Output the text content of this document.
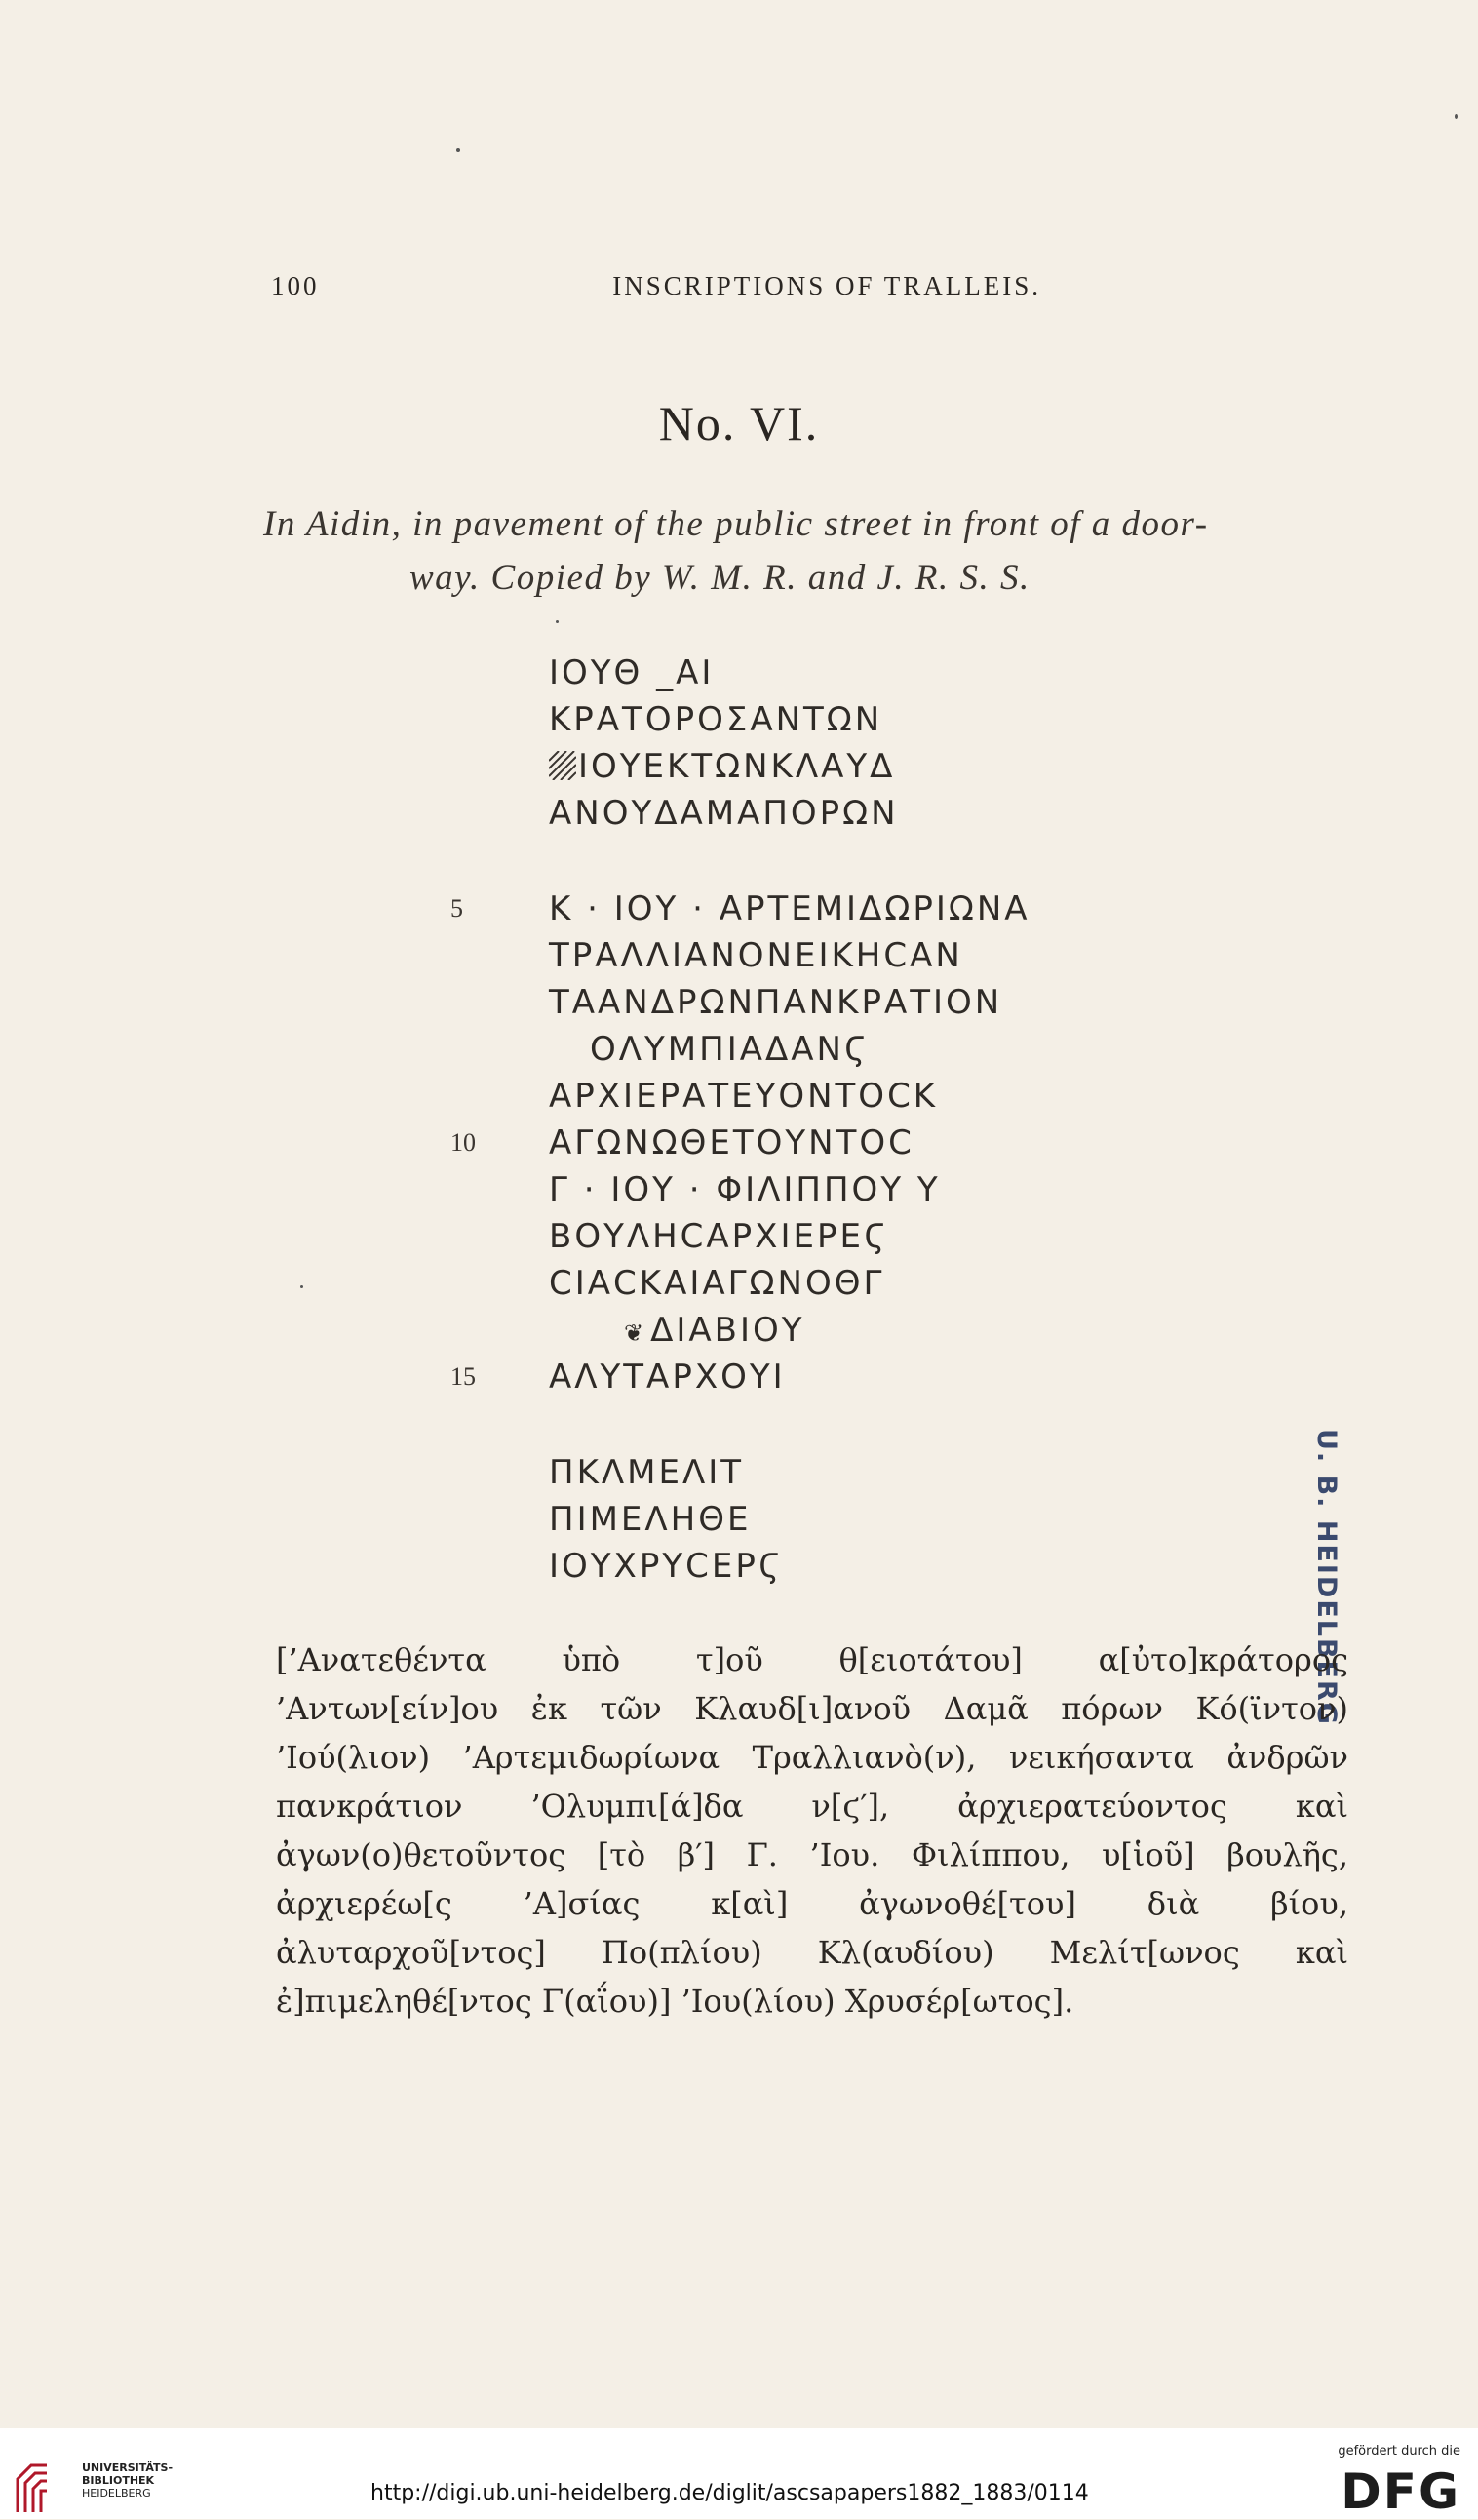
100	INSCRIPTIONS OF TRALLEIS.
No. VI.
In Aidin, in pavement of the public street in front of a door-
way. Copied by W. M. R. and J. R. S. S.
ΙΟΥΘ _ΑΙ
ΚΡΑΤΟΡΟΣΑΝΤΩΝ
ΙΟΥΕΚΤΩΝΚΛΑΥΔ
ΑΝΟΥΔΑΜΑΠΟΡΩΝ
5	Κ · ΙΟΥ · ΑΡΤΕΜΙΔΩΡΙΩΝΑ
ΤΡΑΛΛΙΑΝΟΝΕΙΚΗCΑΝ
ΤΑΑΝΔΡΩΝΠΑΝΚΡΑΤΙΟΝ
ΟΛΥΜΠΙΑΔΑΝϚ
ΑΡΧΙΕΡΑΤΕΥΟΝΤΟCΚ
10 ΑΓΩΝΩΘΕΤΟΥΝΤΟC
Γ · ΙΟΥ · ΦΙΛΙΠΠΟΥ Υ
ΒΟΥΛΗCΑΡΧΙΕΡΕϚ
CΙΑCΚΑΙΑΓΩΝΟΘΓ
❦ ΔΙΑΒΙΟΥ
15 ΑΛΥΤΑΡΧΟΥΙ
ΠΚΛΜΕΛΙΤ
ΠΙΜΕΛΗΘΕ
ΙΟΥΧΡΥCΕΡϚ	U. B. HEIDELBERG
[’Ανατεθέντα ὑπὸ τ]οῦ θ[ειοτάτου] α[ὐτο]κράτορος
’Αντων[είν]ου ἐκ τῶν Κλαυδ[ι]ανοῦ Δαμᾶ πόρων Κό(ϊντον)
’Ιού(λιον) ’Αρτεμιδωρίωνα Τραλλιανὸ(ν), νεικήσαντα ἀνδρῶν
πανκράτιον ’Ολυμπι[ά]δα ν[ϛ′], ἀρχιερατεύοντος καὶ
ἀγων(ο)θετοῦντος [τὸ β′] Γ. ’Ιου. Φιλίππου, υ[ἱοῦ] βουλῆς,
ἀρχιερέω[ς ’Α]σίας κ[αὶ] ἀγωνοθέ[του] διὰ βίου,
ἀλυταρχοῦ[ντος] Πο(πλίου) Κλ(αυδίου) Μελίτ[ωνος καὶ
ἐ]πιμεληθέ[ντος Γ(αΐου)] ’Ιου(λίου) Χρυσέρ[ωτος].
UNIVERSITÄTS-
BIBLIOTHEK
HEIDELBERG	http://digi.ub.uni-heidelberg.de/diglit/ascsapapers1882_1883/0114
gefördert durch die
DFG
